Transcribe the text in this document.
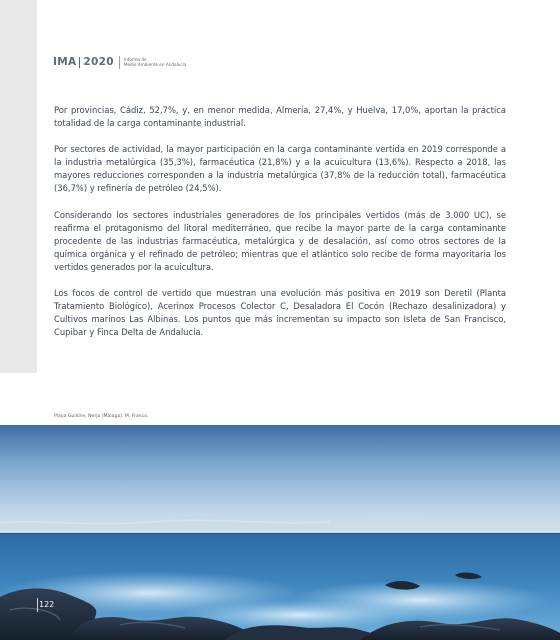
IMA 2020 Informe de
Medio Ambiente en Andalucía

Por provincias, Cádiz, 52,7%, y, en menor medida, Almería, 27,4%, y Huelva, 17,0%, aportan la práctica totalidad de la carga contaminante industrial.

Por sectores de actividad, la mayor participación en la carga contaminante vertida en 2019 corresponde a la industria metalúrgica (35,3%), farmacéutica (21,8%) y a la acuicultura (13,6%). Respecto a 2018, las mayores reducciones corresponden a la industria metalúrgica (37,8% de la reducción total), farmacéutica (36,7%) y refinería de petróleo (24,5%).

Considerando los sectores industriales generadores de los principales vertidos (más de 3.000 UC), se reafirma el protagonismo del litoral mediterráneo, que recibe la mayor parte de la carga contaminante procedente de las industrias farmacéutica, metalúrgica y de desalación, así como otros sectores de la química orgánica y el refinado de petróleo; mientras que el atlántico solo recibe de forma mayoritaria los vertidos generados por la acuicultura.

Los focos de control de vertido que muestran una evolución más positiva en 2019 son Deretil (Planta Tratamiento Biológico), Acerinox Procesos Colector C, Desaladora El Cocón (Rechazo desalinizadora) y Cultivos marinos Las Albinas. Los puntos que más incrementan su impacto son Isleta de San Francisco, Cupibar y Finca Delta de Andalucía.

Playa Guilche, Nerja (Málaga). M. Franco.
122
